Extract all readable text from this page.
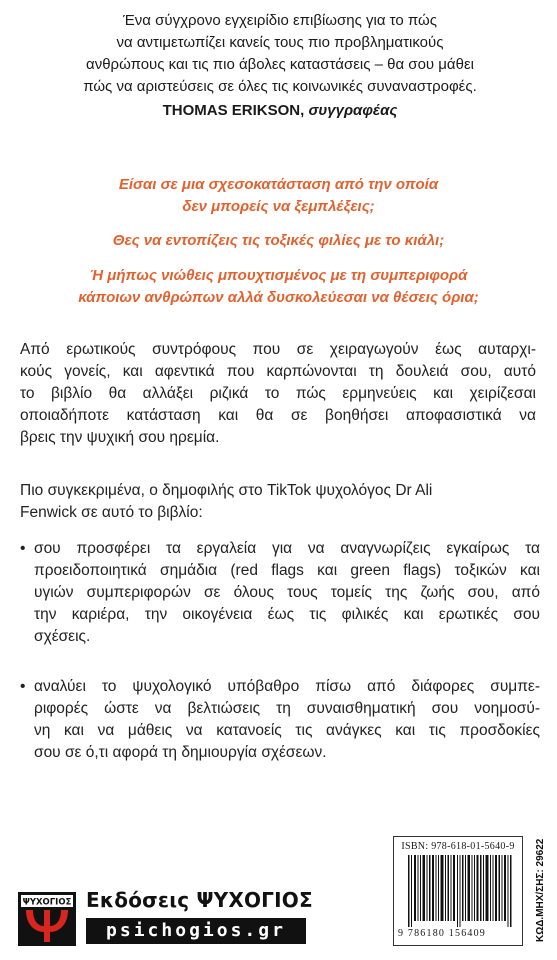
Ένα σύγχρονο εγχειρίδιο επιβίωσης για το πώς
να αντιμετωπίζει κανείς τους πιο προβληματικούς
ανθρώπους και τις πιο άβολες καταστάσεις – θα σου μάθει
πώς να αριστεύσεις σε όλες τις κοινωνικές συναναστροφές.
THOMAS ERIKSON, συγγραφέας
Είσαι σε μια σχεσοκατάσταση από την οποία
δεν μπορείς να ξεμπλέξεις;
Θες να εντοπίζεις τις τοξικές φιλίες με το κιάλι;
Ή μήπως νιώθεις μπουχτισμένος με τη συμπεριφορά
κάποιων ανθρώπων αλλά δυσκολεύεσαι να θέσεις όρια;
Από ερωτικούς συντρόφους που σε χειραγωγούν έως αυταρχι-
κούς γονείς, και αφεντικά που καρπώνονται τη δουλειά σου, αυτό
το βιβλίο θα αλλάξει ριζικά το πώς ερμηνεύεις και χειρίζεσαι
οποιαδήποτε κατάσταση και θα σε βοηθήσει αποφασιστικά να
βρεις την ψυχική σου ηρεμία.
Πιο συγκεκριμένα, ο δημοφιλής στο TikTok ψυχολόγος Dr Ali
Fenwick σε αυτό το βιβλίο:
• σου προσφέρει τα εργαλεία για να αναγνωρίζεις εγκαίρως τα
προειδοποιητικά σημάδια (red flags και green flags) τοξικών και
υγιών συμπεριφορών σε όλους τους τομείς της ζωής σου, από
την καριέρα, την οικογένεια έως τις φιλικές και ερωτικές σου
σχέσεις.
• αναλύει το ψυχολογικό υπόβαθρο πίσω από διάφορες συμπε-
ριφορές ώστε να βελτιώσεις τη συναισθηματική σου νοημοσύ-
νη και να μάθεις να κατανοείς τις ανάγκες και τις προσδοκίες
σου σε ό,τι αφορά τη δημιουργία σχέσεων.
ISBN: 978-618-01-5640-9
9 786180 156409	ΚΩΔ.ΜΗΧ/ΣΗΣ: 29622
ΨΥΧΟΓΙΟΣ Εκδόσεις ΨΥΧΟΓΙΟΣ
psichogios.gr
